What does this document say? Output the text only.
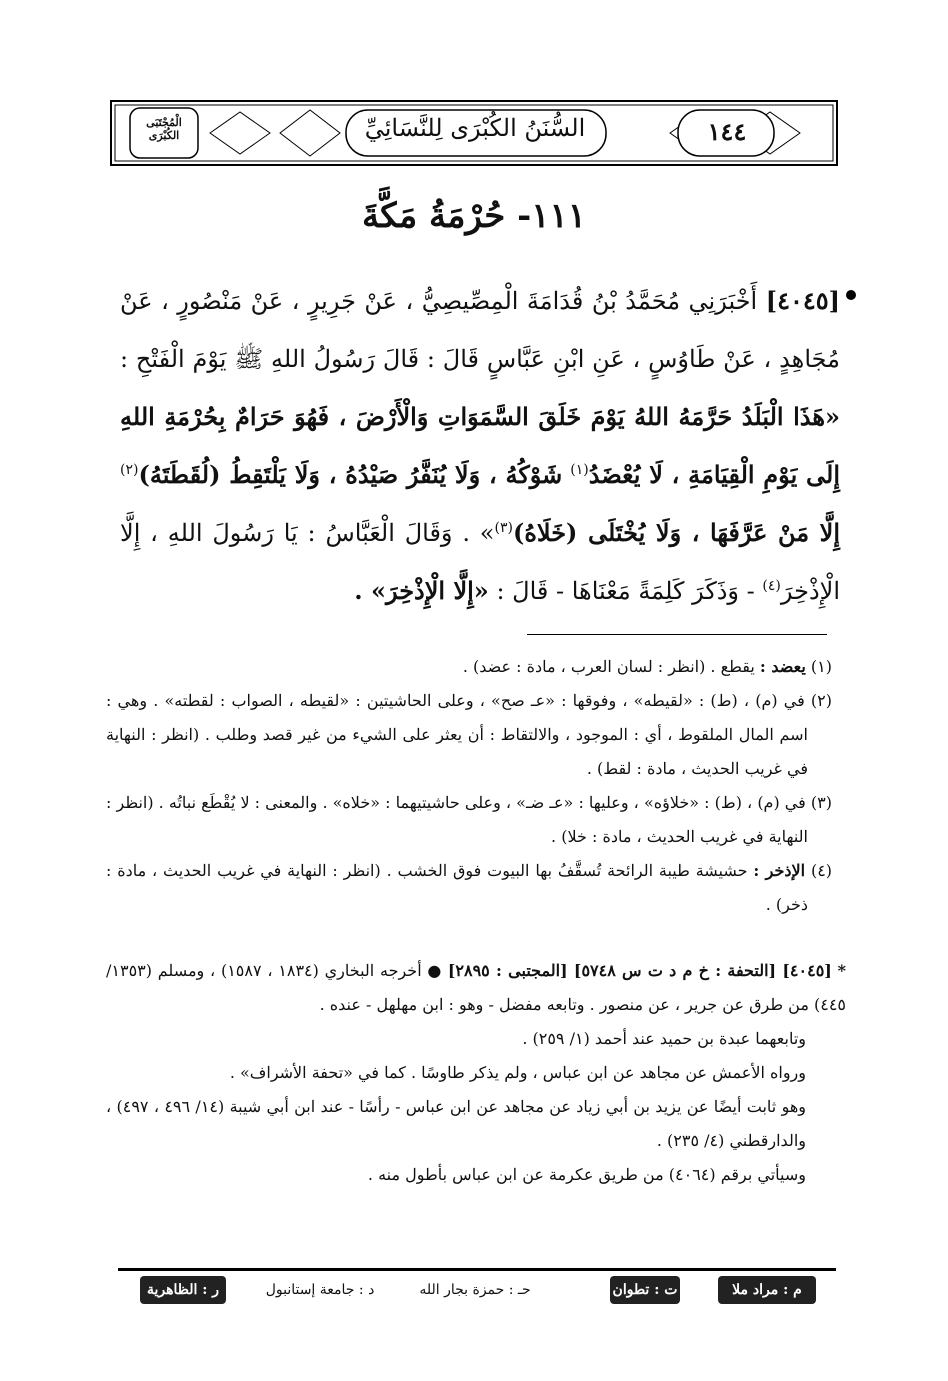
السُّنَنُ الكُبْرَى لِلنَّسَائِيِّ	١٤٤
الْمُجْتَبَى الكُبْرَى
١١١- حُرْمَةُ مَكَّةَ
[٤٠٤٥] أَخْبَرَنِي مُحَمَّدُ بْنُ قُدَامَةَ الْمِصِّيصِيُّ ، عَنْ جَرِيرٍ ، عَنْ مَنْصُورٍ ، عَنْ مُجَاهِدٍ ، عَنْ طَاوُسٍ ، عَنِ ابْنِ عَبَّاسٍ قَالَ : قَالَ رَسُولُ اللهِ ﷺ يَوْمَ الْفَتْحِ : «هَذَا الْبَلَدُ حَرَّمَهُ اللهُ يَوْمَ خَلَقَ السَّمَوَاتِ وَالْأَرْضَ ، فَهُوَ حَرَامٌ بِحُرْمَةِ اللهِ إِلَى يَوْمِ الْقِيَامَةِ ، لَا يُعْضَدُ$^{(١)}$ شَوْكُهُ ، وَلَا يُنَفَّرُ صَيْدُهُ ، وَلَا يَلْتَقِطُ (لُقَطَتَهُ)$^{(٢)}$ إِلَّا مَنْ عَرَّفَهَا ، وَلَا يُخْتَلَى (خَلَاهُ)$^{(٣)}$» . وَقَالَ الْعَبَّاسُ : يَا رَسُولَ اللهِ ، إِلَّا الْإِذْخِرَ$^{(٤)}$ - وَذَكَرَ كَلِمَةً مَعْنَاهَا - قَالَ : «إِلَّا الْإِذْخِرَ» .

(١) يعضد : يقطع . (انظر : لسان العرب ، مادة : عضد) .

(٢) في (م) ، (ط) : «لقيطه» ، وفوقها : «عـ صح» ، وعلى الحاشيتين : «لقيطه ، الصواب : لقطته» . وهي : اسم المال الملقوط ، أي : الموجود ، والالتقاط : أن يعثر على الشيء من غير قصد وطلب . (انظر : النهاية في غريب الحديث ، مادة : لقط) .

(٣) في (م) ، (ط) : «خلاؤه» ، وعليها : «عـ ضـ» ، وعلى حاشيتيهما : «خلاه» . والمعنى : لا يُقْطَع نباتُه . (انظر : النهاية في غريب الحديث ، مادة : خلا) .

(٤) الإذخر : حشيشة طيبة الرائحة تُسقَّفُ بها البيوت فوق الخشب . (انظر : النهاية في غريب الحديث ، مادة : ذخر) .

* [٤٠٤٥] [التحفة : خ م د ت س ٥٧٤٨] [المجتبى : ٢٨٩٥] ● أخرجه البخاري (١٨٣٤ ، ١٥٨٧) ، ومسلم (١٣٥٣/ ٤٤٥) من طرق عن جرير ، عن منصور . وتابعه مفضل - وهو : ابن مهلهل - عنده .

وتابعهما عبدة بن حميد عند أحمد (١/ ٢٥٩) .

ورواه الأعمش عن مجاهد عن ابن عباس ، ولم يذكر طاوسًا . كما في «تحفة الأشراف» .

وهو ثابت أيضًا عن يزيد بن أبي زياد عن مجاهد عن ابن عباس - رأسًا - عند ابن أبي شيبة (١٤/ ٤٩٦ ، ٤٩٧) ، والدارقطني (٤/ ٢٣٥) .

وسيأتي برقم (٤٠٦٤) من طريق عكرمة عن ابن عباس بأطول منه .

م : مراد ملا
ت : تطوان
حـ : حمزة بجار الله
د : جامعة إستانبول
ر : الظاهرية
